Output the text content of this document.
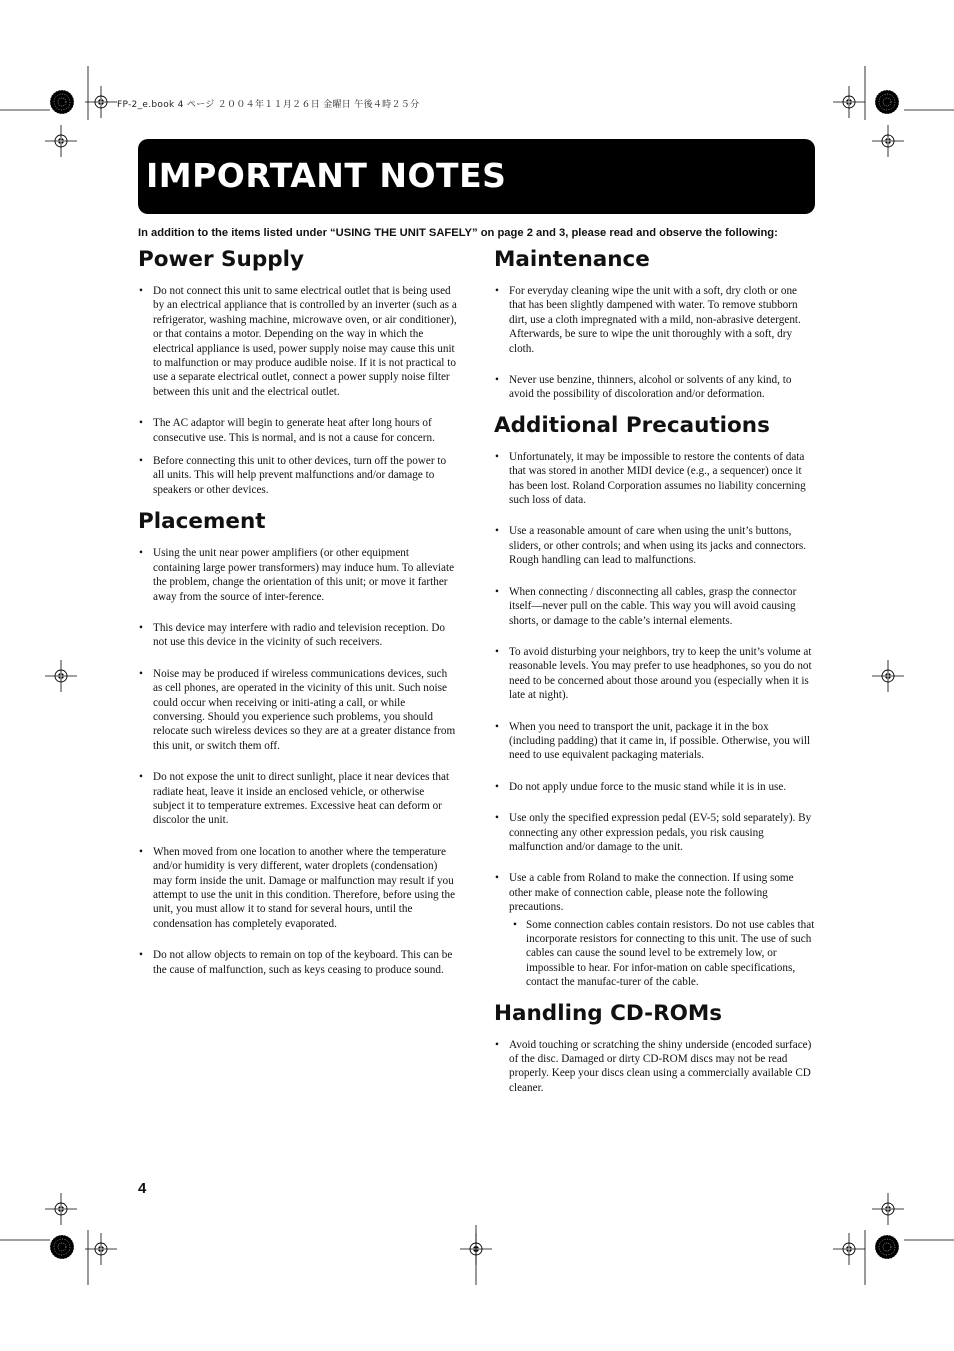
FP-2_e.book 4 ページ ２００４年１１月２６日 金曜日 午後４時２５分
IMPORTANT NOTES
In addition to the items listed under “USING THE UNIT SAFELY” on page 2 and 3, please read and observe the following:
Power Supply
• Do not connect this unit to same electrical outlet that is being used by an electrical appliance that is controlled by an inverter (such as a refrigerator, washing machine, microwave oven, or air conditioner), or that contains a motor. Depending on the way in which the electrical appliance is used, power supply noise may cause this unit to malfunction or may produce audible noise. If it is not practical to use a separate electrical outlet, connect a power supply noise filter between this unit and the electrical outlet.
• The AC adaptor will begin to generate heat after long hours of consecutive use. This is normal, and is not a cause for concern.
• Before connecting this unit to other devices, turn off the power to all units. This will help prevent malfunctions and/or damage to speakers or other devices.
Placement
• Using the unit near power amplifiers (or other equipment containing large power transformers) may induce hum. To alleviate the problem, change the orientation of this unit; or move it farther away from the source of inter-ference.
• This device may interfere with radio and television reception. Do not use this device in the vicinity of such receivers.
• Noise may be produced if wireless communications devices, such as cell phones, are operated in the vicinity of this unit. Such noise could occur when receiving or initi-ating a call, or while conversing. Should you experience such problems, you should relocate such wireless devices so they are at a greater distance from this unit, or switch them off.
• Do not expose the unit to direct sunlight, place it near devices that radiate heat, leave it inside an enclosed vehicle, or otherwise subject it to temperature extremes. Excessive heat can deform or discolor the unit.
• When moved from one location to another where the temperature and/or humidity is very different, water droplets (condensation) may form inside the unit. Damage or malfunction may result if you attempt to use the unit in this condition. Therefore, before using the unit, you must allow it to stand for several hours, until the condensation has completely evaporated.
• Do not allow objects to remain on top of the keyboard. This can be the cause of malfunction, such as keys ceasing to produce sound.
Maintenance
• For everyday cleaning wipe the unit with a soft, dry cloth or one that has been slightly dampened with water. To remove stubborn dirt, use a cloth impregnated with a mild, non-abrasive detergent. Afterwards, be sure to wipe the unit thoroughly with a soft, dry cloth.
• Never use benzine, thinners, alcohol or solvents of any kind, to avoid the possibility of discoloration and/or deformation.
Additional Precautions
• Unfortunately, it may be impossible to restore the contents of data that was stored in another MIDI device (e.g., a sequencer) once it has been lost. Roland Corporation assumes no liability concerning such loss of data.
• Use a reasonable amount of care when using the unit’s buttons, sliders, or other controls; and when using its jacks and connectors. Rough handling can lead to malfunctions.
• When connecting / disconnecting all cables, grasp the connector itself—never pull on the cable. This way you will avoid causing shorts, or damage to the cable’s internal elements.
• To avoid disturbing your neighbors, try to keep the unit’s volume at reasonable levels. You may prefer to use headphones, so you do not need to be concerned about those around you (especially when it is late at night).
• When you need to transport the unit, package it in the box (including padding) that it came in, if possible. Otherwise, you will need to use equivalent packaging materials.
• Do not apply undue force to the music stand while it is in use.
• Use only the specified expression pedal (EV-5; sold separately). By connecting any other expression pedals, you risk causing malfunction and/or damage to the unit.
• Use a cable from Roland to make the connection. If using some other make of connection cable, please note the following precautions.
• Some connection cables contain resistors. Do not use cables that incorporate resistors for connecting to this unit. The use of such cables can cause the sound level to be extremely low, or impossible to hear. For infor-mation on cable specifications, contact the manufac-turer of the cable.
Handling CD-ROMs
• Avoid touching or scratching the shiny underside (encoded surface) of the disc. Damaged or dirty CD-ROM discs may not be read properly. Keep your discs clean using a commercially available CD cleaner.
4
